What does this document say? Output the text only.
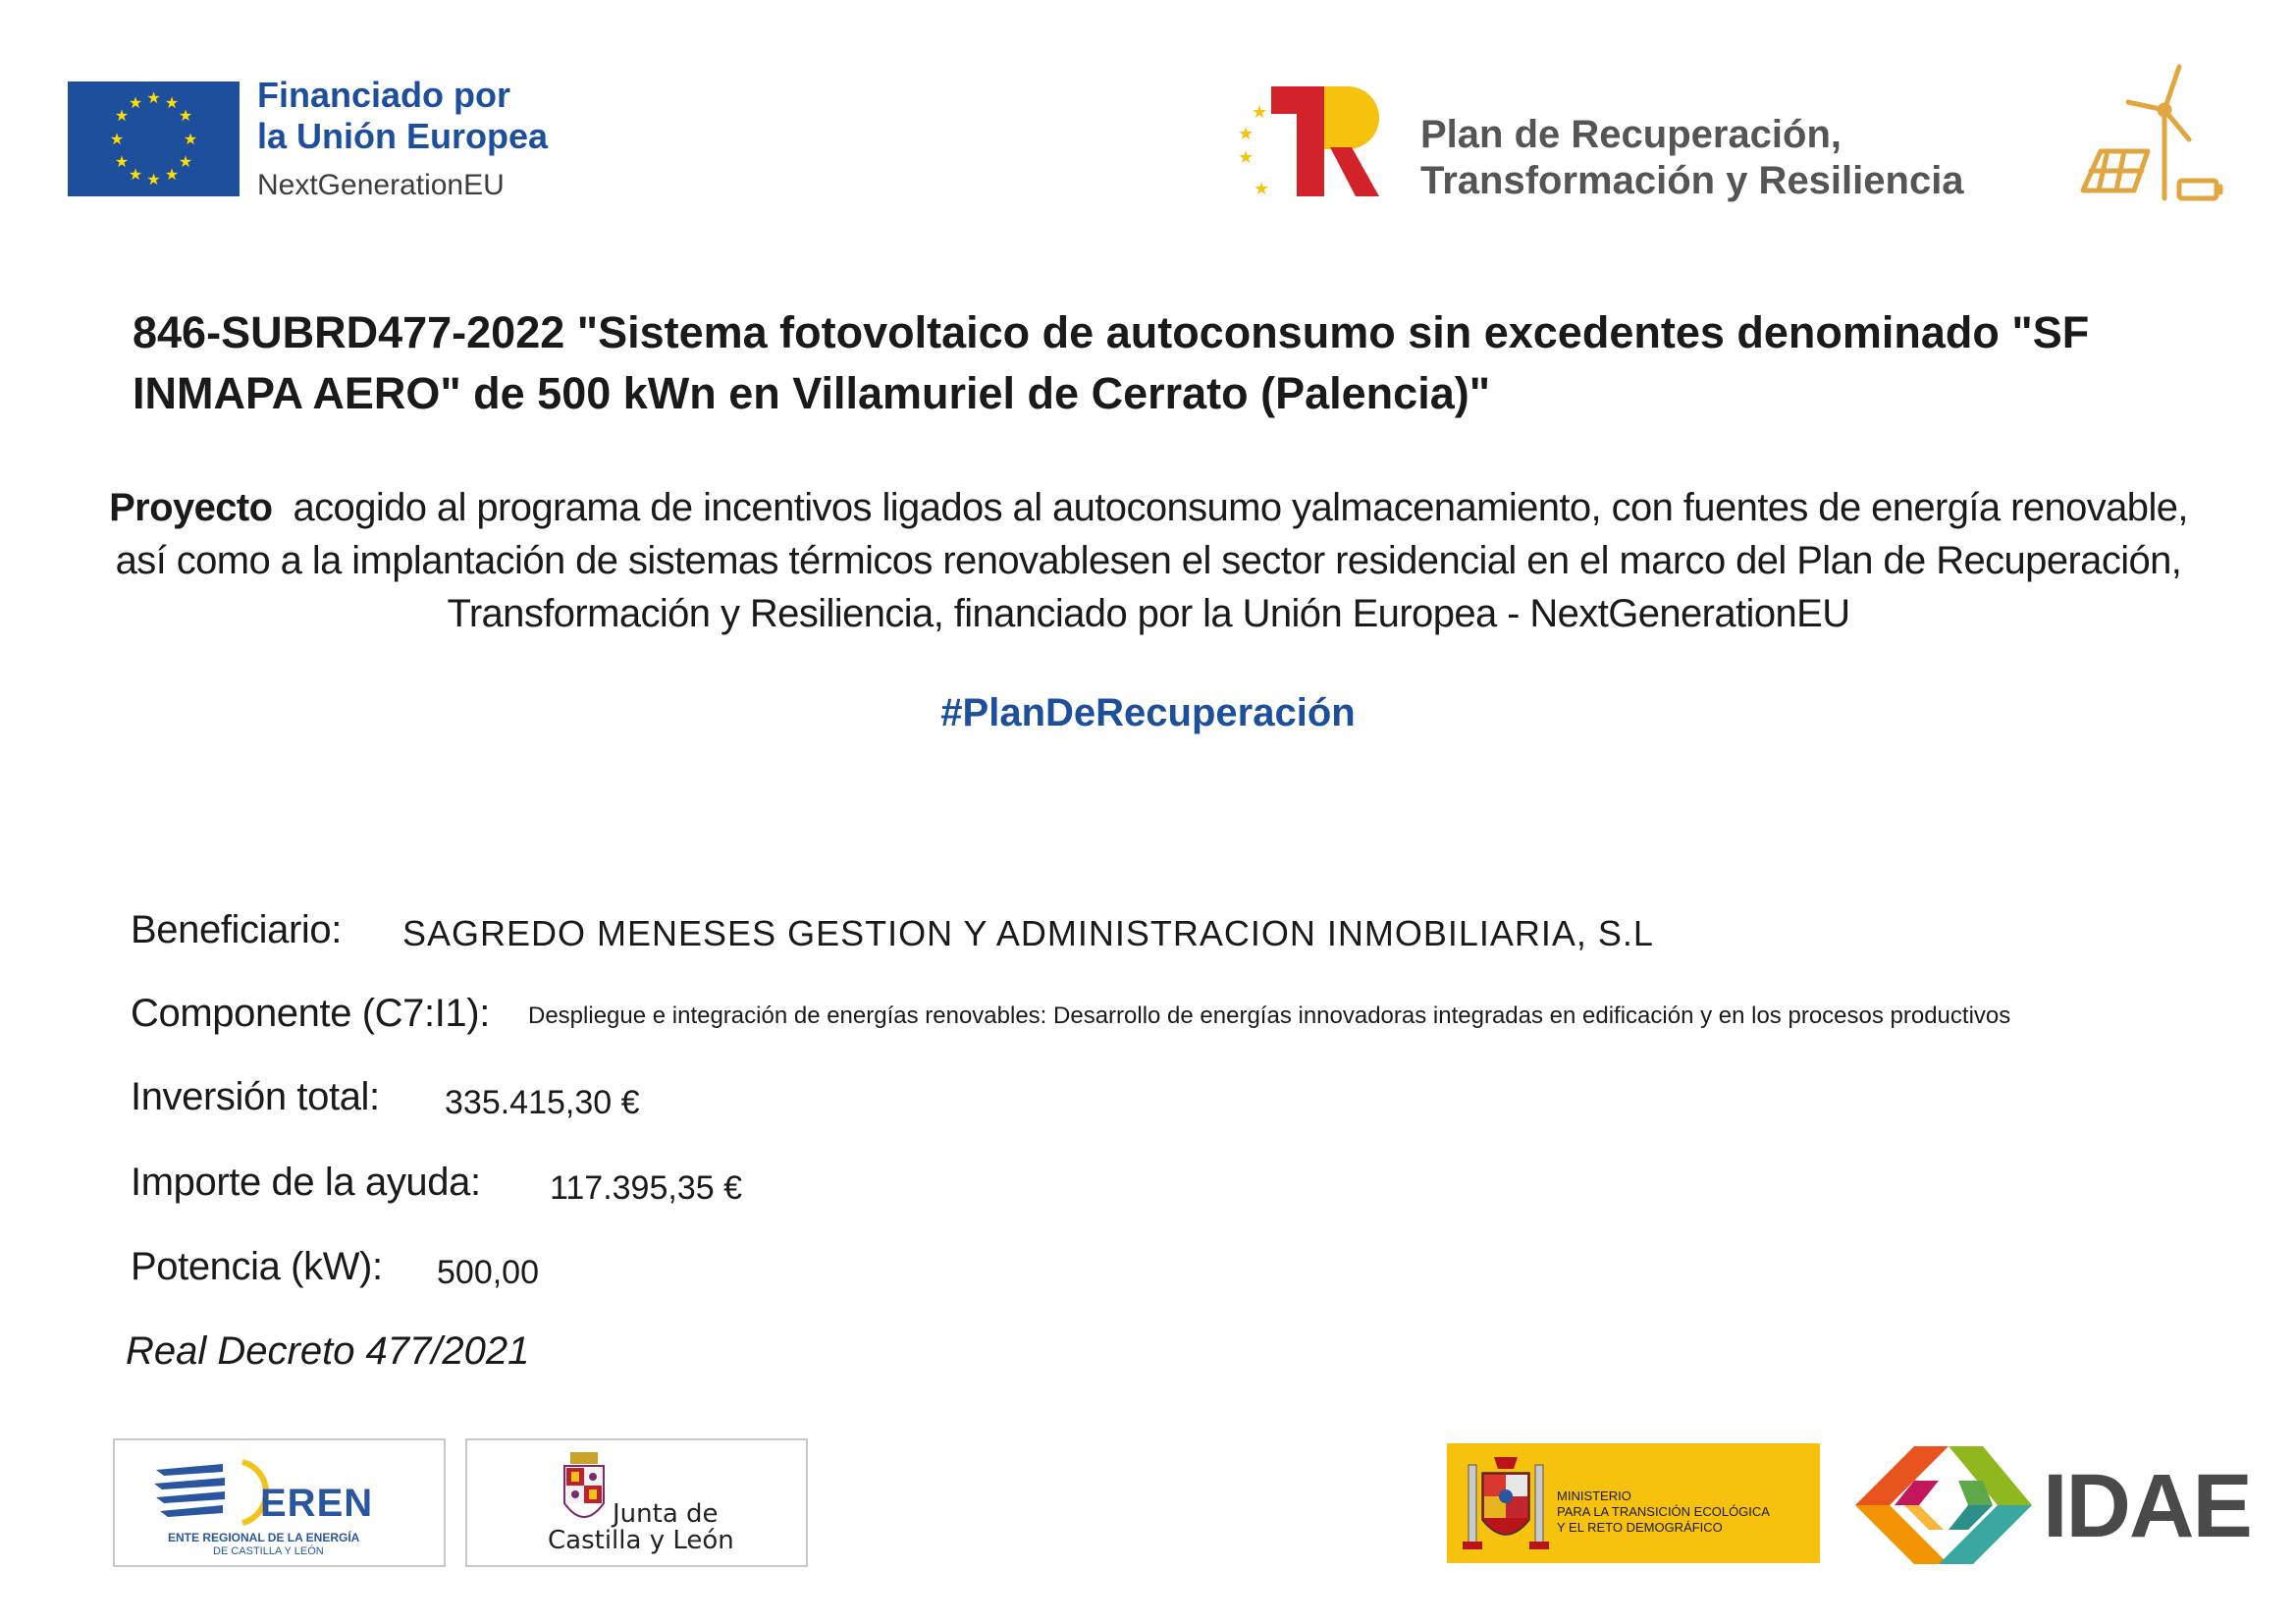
★ ★
★
★
★
★
★
★
★
★
★
★	Financiado por
la Unión Europea
NextGenerationEU
★
★
★
★
Plan de Recuperación,
Transformación y Resiliencia
846-SUBRD477-2022 "Sistema fotovoltaico de autoconsumo sin excedentes denominado "SF INMAPA AERO" de 500 kWn en Villamuriel de Cerrato (Palencia)"
Proyecto acogido al programa de incentivos ligados al autoconsumo yalmacenamiento, con fuentes de energía renovable, así como a la implantación de sistemas térmicos renovablesen el sector residencial en el marco del Plan de Recuperación, Transformación y Resiliencia, financiado por la Unión Europea - NextGenerationEU
#PlanDeRecuperación
Beneficiario: SAGREDO MENESES GESTION Y ADMINISTRACION INMOBILIARIA, S.L
Componente (C7:I1): Despliegue e integración de energías renovables: Desarrollo de energías innovadoras integradas en edificación y en los procesos productivos
Inversión total: 335.415,30 €
Importe de la ayuda: 117.395,35 €
Potencia (kW): 500,00
Real Decreto 477/2021
EREN
ENTE REGIONAL DE LA ENERGÍA
DE CASTILLA Y LEÓN
Junta de
Castilla y León
MINISTERIO
PARA LA TRANSICIÓN ECOLÓGICA
Y EL RETO DEMOGRÁFICO	IDAE
